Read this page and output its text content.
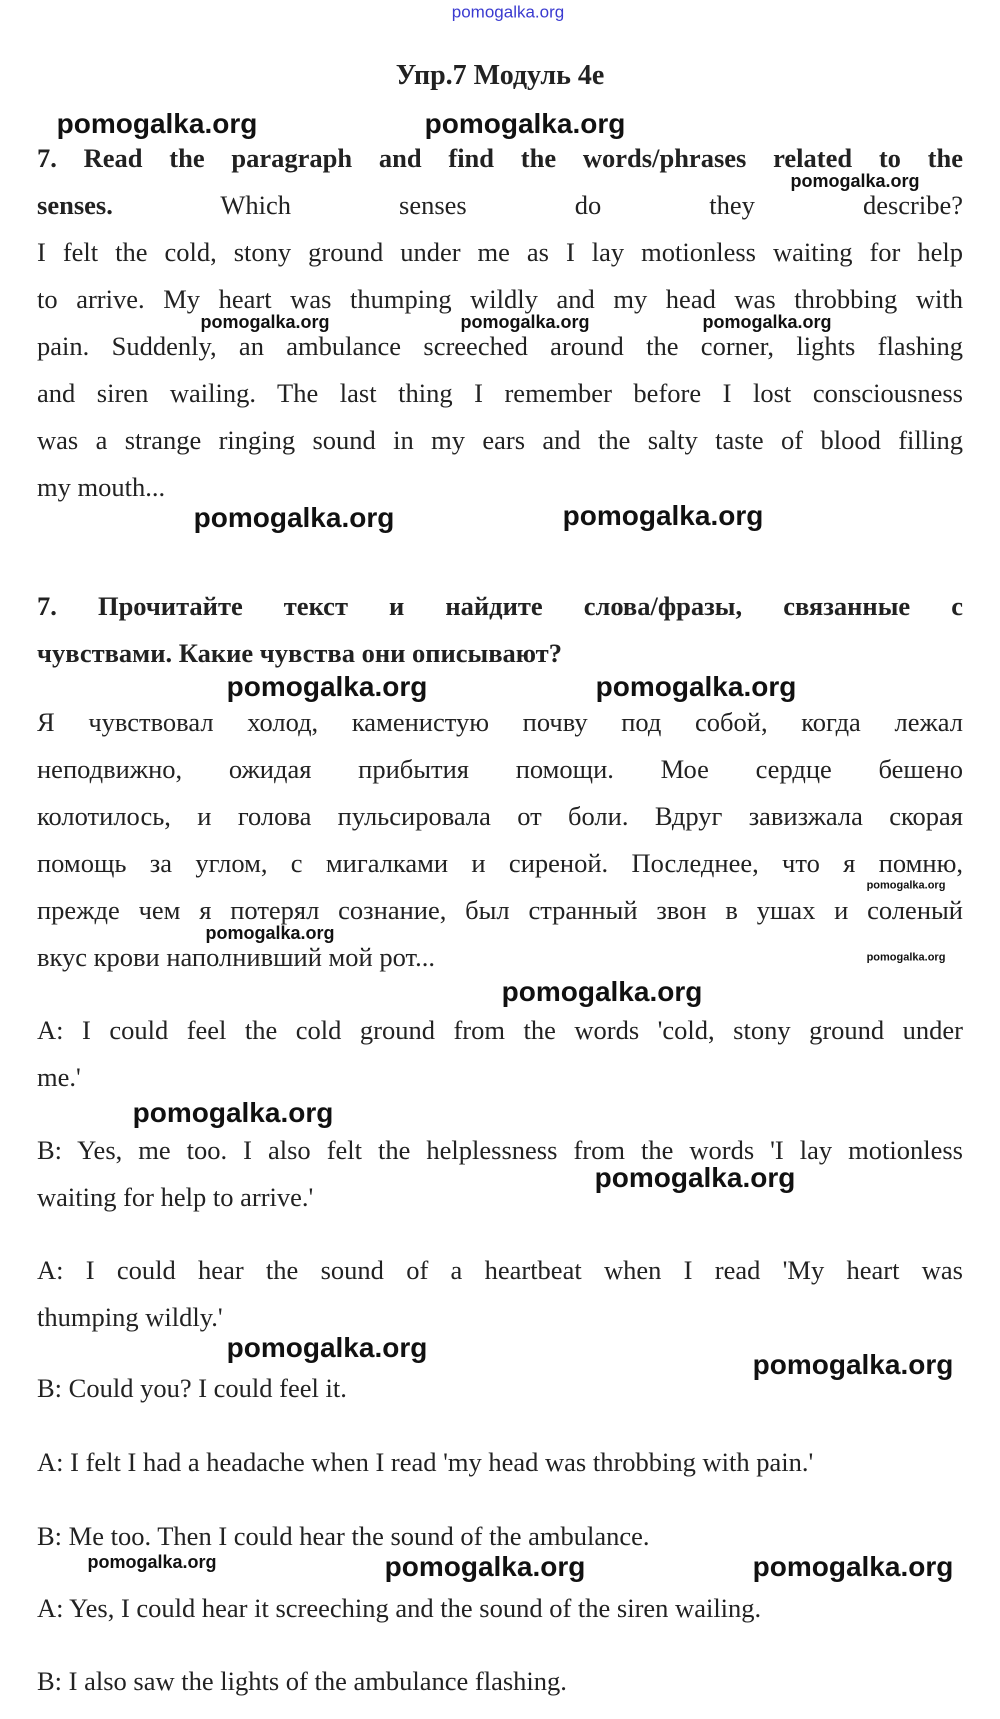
pomogalka.org
Упр.7 Модуль 4е
7. Read the paragraph and find the words/phrases related to the
senses. Which senses do they describe?
I felt the cold, stony ground under me as I lay motionless waiting for help
to arrive. My heart was thumping wildly and my head was throbbing with
pain. Suddenly, an ambulance screeched around the corner, lights flashing
and siren wailing. The last thing I remember before I lost consciousness
was a strange ringing sound in my ears and the salty taste of blood filling
my mouth...
7. Прочитайте текст и найдите слова/фразы, связанные с
чувствами. Какие чувства они описывают?
Я чувствовал холод, каменистую почву под собой, когда лежал
неподвижно, ожидая прибытия помощи. Мое сердце бешено
колотилось, и голова пульсировала от боли. Вдруг завизжала скорая
помощь за углом, с мигалками и сиреной. Последнее, что я помню,
прежде чем я потерял сознание, был странный звон в ушах и соленый
вкус крови наполнивший мой рот...
A: I could feel the cold ground from the words 'cold, stony ground under
me.'
B: Yes, me too. I also felt the helplessness from the words 'I lay motionless
waiting for help to arrive.'
A: I could hear the sound of a heartbeat when I read 'My heart was
thumping wildly.'
B: Could you? I could feel it.
A: I felt I had a headache when I read 'my head was throbbing with pain.'
B: Me too. Then I could hear the sound of the ambulance.
A: Yes, I could hear it screeching and the sound of the siren wailing.
B: I also saw the lights of the ambulance flashing.
pomogalka.org	pomogalka.org
pomogalka.org
pomogalka.org	pomogalka.org	pomogalka.org
pomogalka.org	pomogalka.org
pomogalka.org	pomogalka.org
pomogalka.org
pomogalka.org
pomogalka.org
pomogalka.org
pomogalka.org
pomogalka.org
pomogalka.org
pomogalka.org
pomogalka.org	pomogalka.org	pomogalka.org
